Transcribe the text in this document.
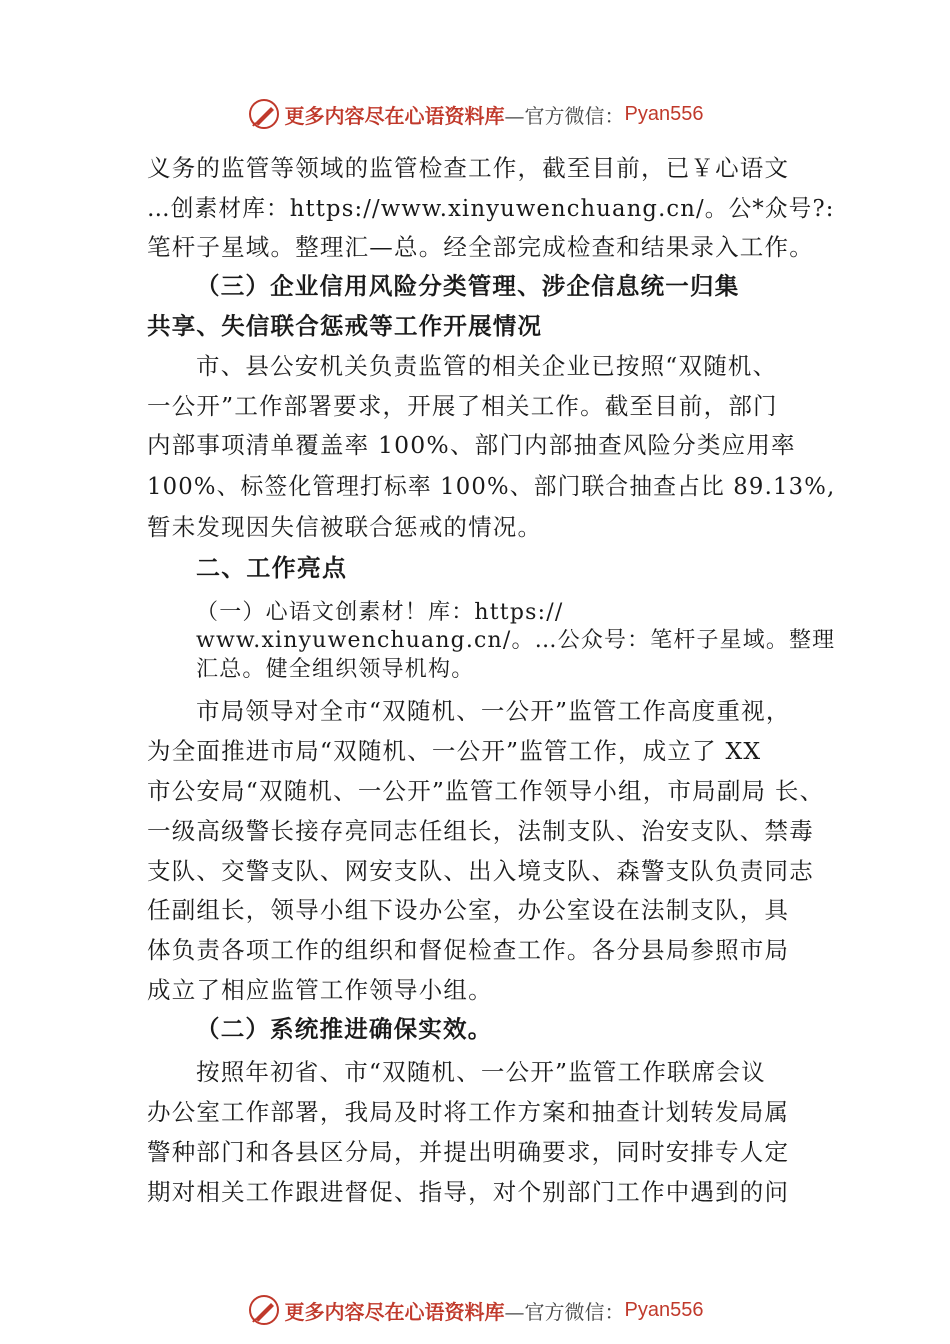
更多内容尽在心语资料库 —官方微信： Pyan556
义务的监管等领域的监管检查工作，截至目前，已￥心语文
…创素材库：https://www.xinyuwenchuang.cn/。公*众号?:
笔杆子星域。整理汇—总。经全部完成检查和结果录入工作。
（三）企业信用风险分类管理、涉企信息统一归集
共享、失信联合惩戒等工作开展情况
市、县公安机关负责监管的相关企业已按照“双随机、
一公开”工作部署要求，开展了相关工作。截至目前，部门
内部事项清单覆盖率 100%、部门内部抽查风险分类应用率
100%、标签化管理打标率 100%、部门联合抽查占比 89.13%,
暂未发现因失信被联合惩戒的情况。
二、工作亮点
（一）心语文创素材！库：https://
www.xinyuwenchuang.cn/。…公众号：笔杆子星域。整理
汇总。健全组织领导机构。
市局领导对全市“双随机、一公开”监管工作高度重视，
为全面推进市局“双随机、一公开”监管工作，成立了 XX
市公安局“双随机、一公开”监管工作领导小组，市局副局 长、
一级高级警长接存亮同志任组长，法制支队、治安支队、禁毒
支队、交警支队、网安支队、出入境支队、森警支队负责同志
任副组长，领导小组下设办公室，办公室设在法制支队，具
体负责各项工作的组织和督促检查工作。各分县局参照市局
成立了相应监管工作领导小组。
（二）系统推进确保实效。
按照年初省、市“双随机、一公开”监管工作联席会议
办公室工作部署，我局及时将工作方案和抽查计划转发局属
警种部门和各县区分局，并提出明确要求，同时安排专人定
期对相关工作跟进督促、指导，对个别部门工作中遇到的问
更多内容尽在心语资料库 —官方微信： Pyan556
